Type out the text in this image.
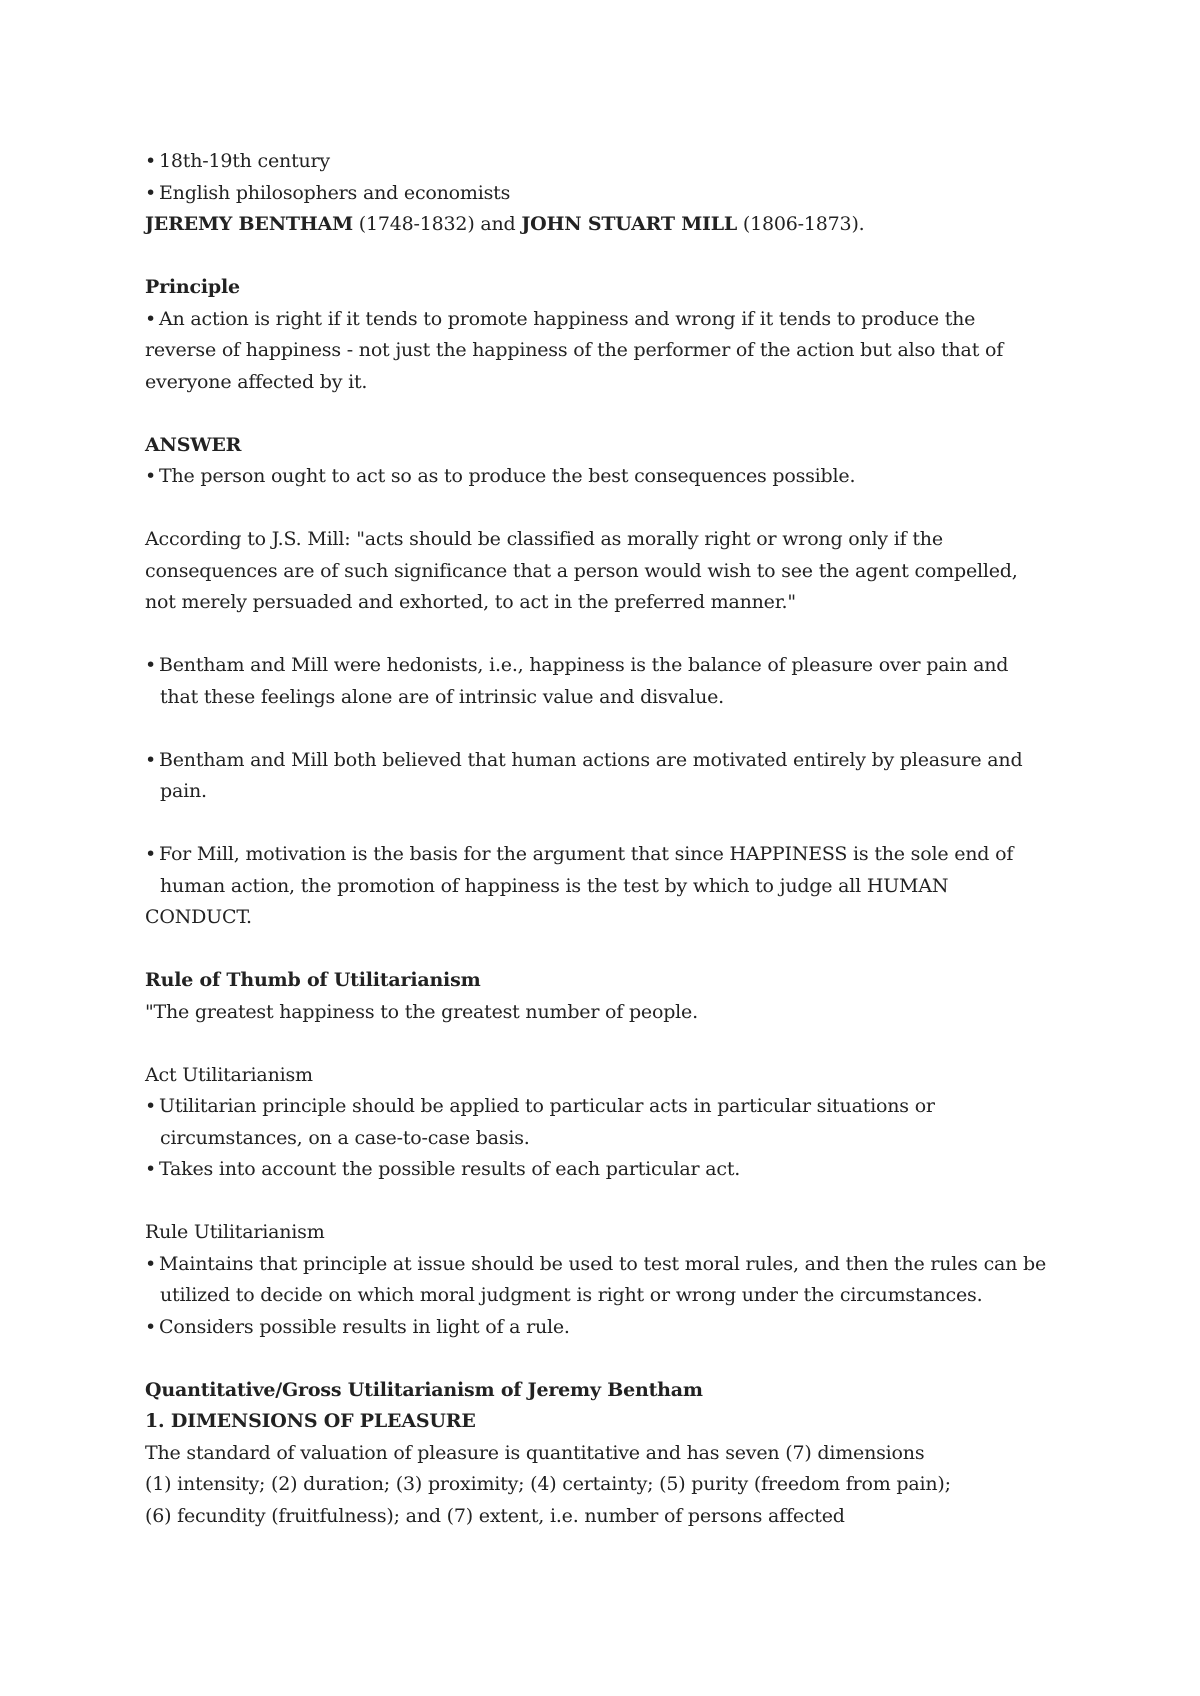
• 18th-19th century
• English philosophers and economists
JEREMY BENTHAM (1748-1832) and JOHN STUART MILL (1806-1873).
Principle
• An action is right if it tends to promote happiness and wrong if it tends to produce the
reverse of happiness - not just the happiness of the performer of the action but also that of
everyone affected by it.
ANSWER
• The person ought to act so as to produce the best consequences possible.
According to J.S. Mill: "acts should be classified as morally right or wrong only if the
consequences are of such significance that a person would wish to see the agent compelled,
not merely persuaded and exhorted, to act in the preferred manner."
• Bentham and Mill were hedonists, i.e., happiness is the balance of pleasure over pain and
that these feelings alone are of intrinsic value and disvalue.
• Bentham and Mill both believed that human actions are motivated entirely by pleasure and
pain.
• For Mill, motivation is the basis for the argument that since HAPPINESS is the sole end of
human action, the promotion of happiness is the test by which to judge all HUMAN
CONDUCT.
Rule of Thumb of Utilitarianism
"The greatest happiness to the greatest number of people.
Act Utilitarianism
• Utilitarian principle should be applied to particular acts in particular situations or
circumstances, on a case-to-case basis.
• Takes into account the possible results of each particular act.
Rule Utilitarianism
• Maintains that principle at issue should be used to test moral rules, and then the rules can be
utilized to decide on which moral judgment is right or wrong under the circumstances.
• Considers possible results in light of a rule.
Quantitative/Gross Utilitarianism of Jeremy Bentham
1. DIMENSIONS OF PLEASURE
The standard of valuation of pleasure is quantitative and has seven (7) dimensions
(1) intensity; (2) duration; (3) proximity; (4) certainty; (5) purity (freedom from pain);
(6) fecundity (fruitfulness); and (7) extent, i.e. number of persons affected
